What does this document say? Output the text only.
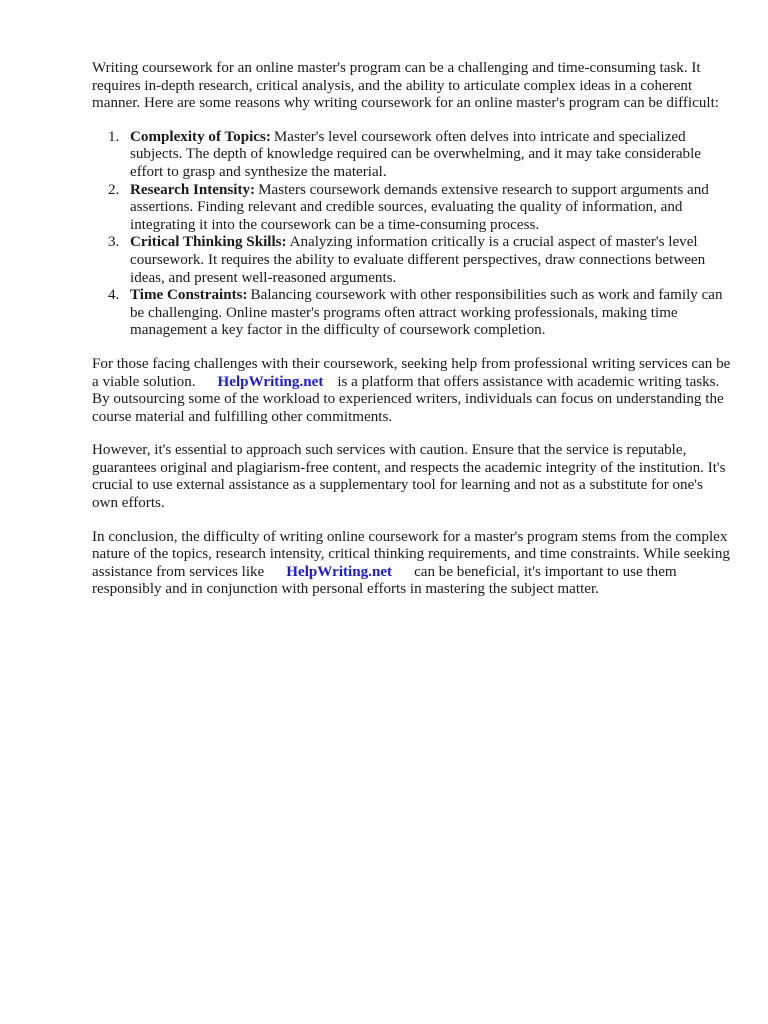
Writing coursework for an online master's program can be a challenging and time-consuming task. It requires in-depth research, critical analysis, and the ability to articulate complex ideas in a coherent manner. Here are some reasons why writing coursework for an online master's program can be difficult:

1. Complexity of Topics: Master's level coursework often delves into intricate and specialized subjects. The depth of knowledge required can be overwhelming, and it may take considerable effort to grasp and synthesize the material.
2. Research Intensity: Masters coursework demands extensive research to support arguments and assertions. Finding relevant and credible sources, evaluating the quality of information, and integrating it into the coursework can be a time-consuming process.
3. Critical Thinking Skills: Analyzing information critically is a crucial aspect of master's level coursework. It requires the ability to evaluate different perspectives, draw connections between ideas, and present well-reasoned arguments.
4. Time Constraints: Balancing coursework with other responsibilities such as work and family can be challenging. Online master's programs often attract working professionals, making time management a key factor in the difficulty of coursework completion.

For those facing challenges with their coursework, seeking help from professional writing services can be a viable solution. HelpWriting.net is a platform that offers assistance with academic writing tasks. By outsourcing some of the workload to experienced writers, individuals can focus on understanding the course material and fulfilling other commitments.

However, it's essential to approach such services with caution. Ensure that the service is reputable, guarantees original and plagiarism-free content, and respects the academic integrity of the institution. It's crucial to use external assistance as a supplementary tool for learning and not as a substitute for one's own efforts.

In conclusion, the difficulty of writing online coursework for a master's program stems from the complex nature of the topics, research intensity, critical thinking requirements, and time constraints. While seeking assistance from services like HelpWriting.net can be beneficial, it's important to use them responsibly and in conjunction with personal efforts in mastering the subject matter.
